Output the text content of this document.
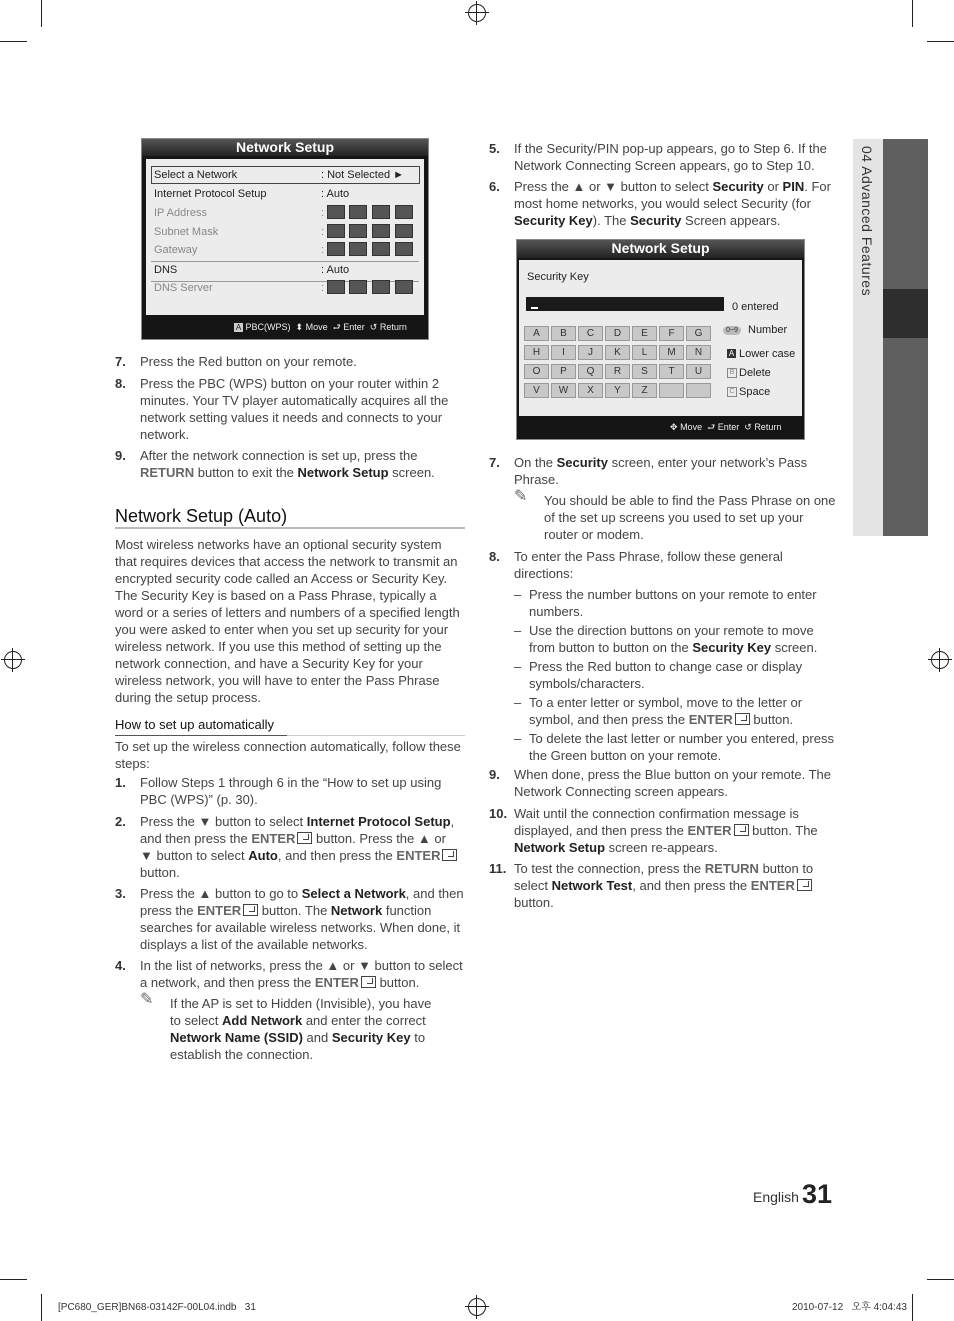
04 Advanced Features
Network Setup
Select a Network	: Not Selected ►
Internet Protocol Setup	: Auto
IP Address	:
Subnet Mask	:
Gateway	:
DNS	: Auto
DNS Server	:
A PBC(WPS) ⬍ Move ⮐ Enter ↺ Return
7. Press the Red button on your remote.
8. Press the PBC (WPS) button on your router within 2 minutes. Your TV player automatically acquires all the network setting values it needs and connects to your network.
9. After the network connection is set up, press the RETURN button to exit the Network Setup screen.
Network Setup (Auto)
Most wireless networks have an optional security system that requires devices that access the network to transmit an encrypted security code called an Access or Security Key. The Security Key is based on a Pass Phrase, typically a word or a series of letters and numbers of a specified length you were asked to enter when you set up security for your wireless network. If you use this method of setting up the network connection, and have a Security Key for your wireless network, you will have to enter the Pass Phrase during the setup process.
How to set up automatically
To set up the wireless connection automatically, follow these steps:
1. Follow Steps 1 through 6 in the “How to set up using PBC (WPS)” (p. 30).
2. Press the ▼ button to select Internet Protocol Setup, and then press the ENTER button. Press the ▲ or ▼ button to select Auto, and then press the ENTER
button.
3. Press the ▲ button to go to Select a Network, and then press the ENTER button. The Network function searches for available wireless networks. When done, it displays a list of the available networks.
4. In the list of networks, press the ▲ or ▼ button to select a network, and then press the ENTER button.
✎ If the AP is set to Hidden (Invisible), you have to select Add Network and enter the correct Network Name (SSID) and Security Key to establish the connection.
5. If the Security/PIN pop-up appears, go to Step 6. If the Network Connecting Screen appears, go to Step 10.
6. Press the ▲ or ▼ button to select Security or PIN. For most home networks, you would select Security (for Security Key). The Security Screen appears.
Network Setup
Security Key
0 entered
A	B	C	D	E	F	G
H	I	J	K	L	M	N
O	P	Q	R	S	T	U
V	W	X	Y	Z
0~9 Number
A Lower case
B Delete
C Space
✥ Move ⮐ Enter ↺ Return
7. On the Security screen, enter your network’s Pass Phrase.
✎ You should be able to find the Pass Phrase on one of the set up screens you used to set up your router or modem.
8. To enter the Pass Phrase, follow these general directions:
– Press the number buttons on your remote to enter numbers.
– Use the direction buttons on your remote to move from button to button on the Security Key screen.
– Press the Red button to change case or display symbols/characters.
– To a enter letter or symbol, move to the letter or symbol, and then press the ENTER button.
– To delete the last letter or number you entered, press the Green button on your remote.
9. When done, press the Blue button on your remote. The Network Connecting screen appears.
10. Wait until the connection confirmation message is displayed, and then press the ENTER button. The Network Setup screen re-appears.
11. To test the connection, press the RETURN button to select Network Test, and then press the ENTER
button.
English 31
[PC680_GER]BN68-03142F-00L04.indb   31	2010-07-12   오후 4:04:43
